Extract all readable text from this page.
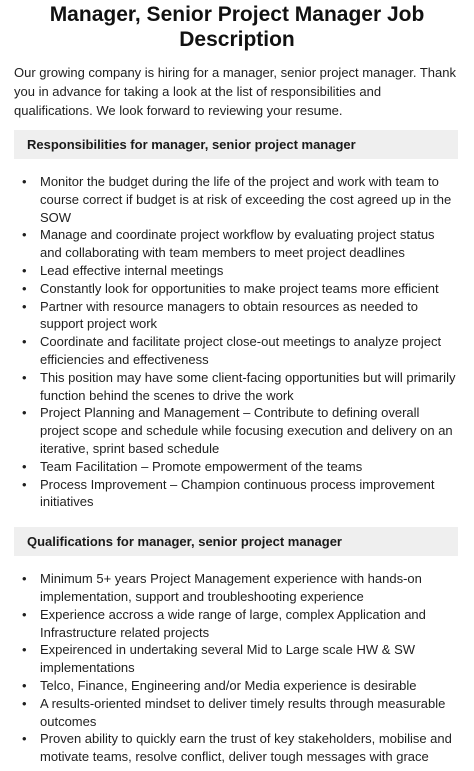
Manager, Senior Project Manager Job Description

Our growing company is hiring for a manager, senior project manager. Thank you in advance for taking a look at the list of responsibilities and qualifications. We look forward to reviewing your resume.

Responsibilities for manager, senior project manager
• Monitor the budget during the life of the project and work with team to course correct if budget is at risk of exceeding the cost agreed up in the SOW
• Manage and coordinate project workflow by evaluating project status and collaborating with team members to meet project deadlines
• Lead effective internal meetings
• Constantly look for opportunities to make project teams more efficient
• Partner with resource managers to obtain resources as needed to support project work
• Coordinate and facilitate project close-out meetings to analyze project efficiencies and effectiveness
• This position may have some client-facing opportunities but will primarily function behind the scenes to drive the work
• Project Planning and Management – Contribute to defining overall project scope and schedule while focusing execution and delivery on an iterative, sprint based schedule
• Team Facilitation – Promote empowerment of the teams
• Process Improvement – Champion continuous process improvement initiatives
Qualifications for manager, senior project manager
• Minimum 5+ years Project Management experience with hands-on implementation, support and troubleshooting experience
• Experience accross a wide range of large, complex Application and Infrastructure related projects
• Expeirenced in undertaking several Mid to Large scale HW & SW implementations
• Telco, Finance, Engineering and/or Media experience is desirable
• A results-oriented mindset to deliver timely results through measurable outcomes
• Proven ability to quickly earn the trust of key stakeholders, mobilise and motivate teams, resolve conflict, deliver tough messages with grace
